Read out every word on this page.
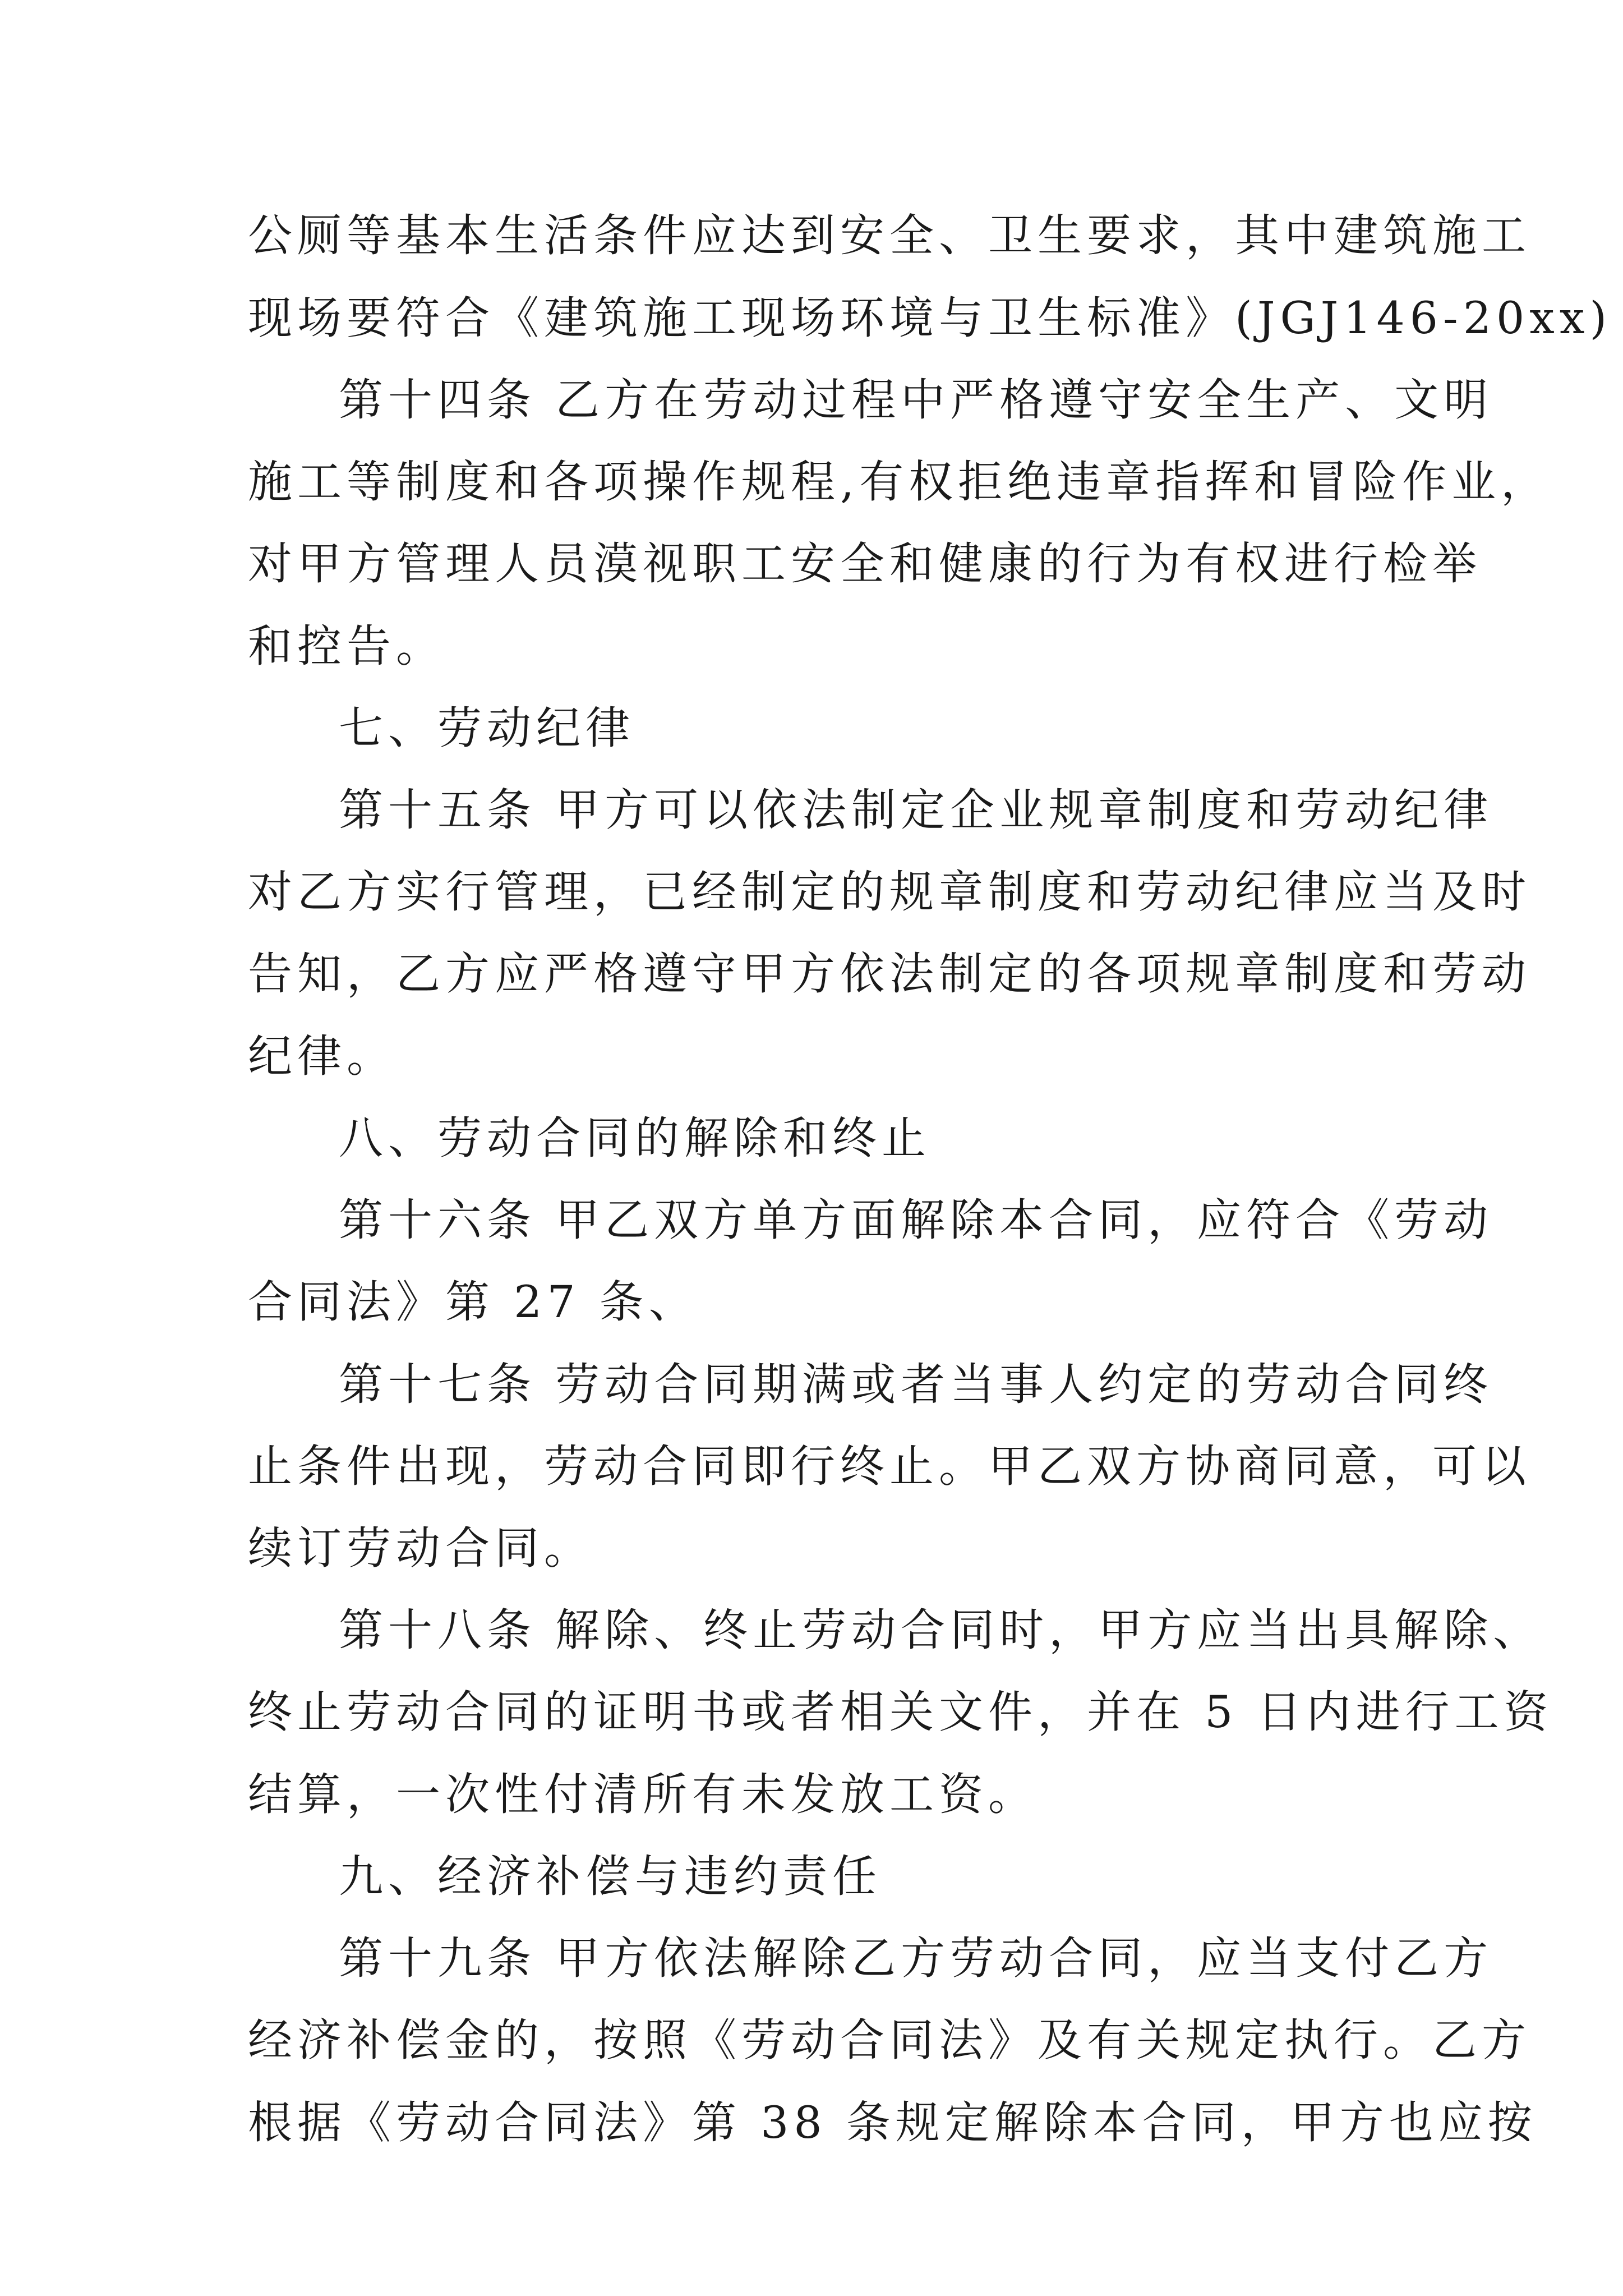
公厕等基本生活条件应达到安全、卫生要求，其中建筑施工
现场要符合《建筑施工现场环境与卫生标准》(JGJ146-20xx)
第十四条 乙方在劳动过程中严格遵守安全生产、文明
施工等制度和各项操作规程,有权拒绝违章指挥和冒险作业，
对甲方管理人员漠视职工安全和健康的行为有权进行检举
和控告。
七、劳动纪律
第十五条 甲方可以依法制定企业规章制度和劳动纪律
对乙方实行管理，已经制定的规章制度和劳动纪律应当及时
告知，乙方应严格遵守甲方依法制定的各项规章制度和劳动
纪律。
八、劳动合同的解除和终止
第十六条 甲乙双方单方面解除本合同，应符合《劳动
合同法》第 27 条、
第十七条 劳动合同期满或者当事人约定的劳动合同终
止条件出现，劳动合同即行终止。甲乙双方协商同意，可以
续订劳动合同。
第十八条 解除、终止劳动合同时，甲方应当出具解除、
终止劳动合同的证明书或者相关文件，并在 5 日内进行工资
结算，一次性付清所有未发放工资。
九、经济补偿与违约责任
第十九条 甲方依法解除乙方劳动合同，应当支付乙方
经济补偿金的，按照《劳动合同法》及有关规定执行。乙方
根据《劳动合同法》第 38 条规定解除本合同，甲方也应按
